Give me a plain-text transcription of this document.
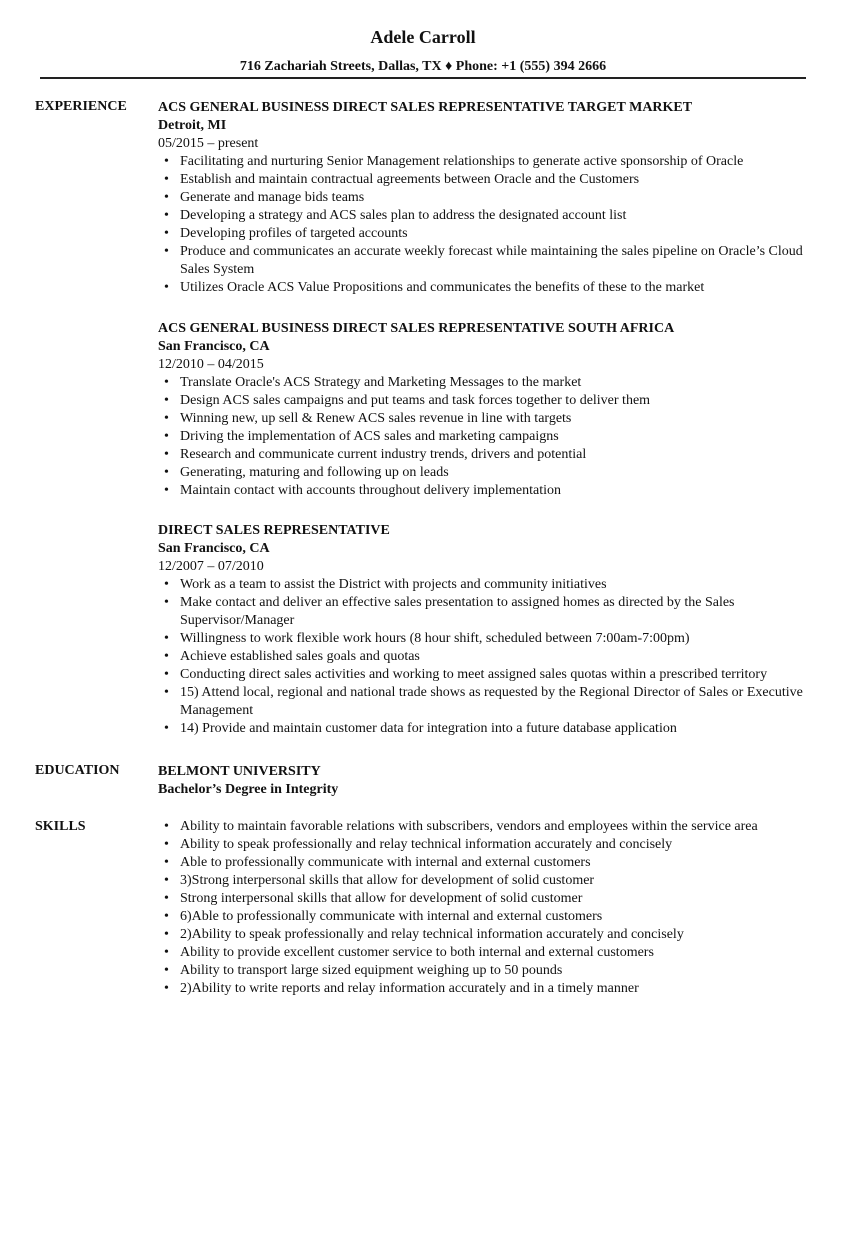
Adele Carroll
716 Zachariah Streets, Dallas, TX ♦ Phone: +1 (555) 394 2666
EXPERIENCE ACS GENERAL BUSINESS DIRECT SALES REPRESENTATIVE TARGET MARKET
Detroit, MI
05/2015 – present
• Facilitating and nurturing Senior Management relationships to generate active sponsorship of Oracle
• Establish and maintain contractual agreements between Oracle and the Customers
• Generate and manage bids teams
• Developing a strategy and ACS sales plan to address the designated account list
• Developing profiles of targeted accounts
• Produce and communicates an accurate weekly forecast while maintaining the sales pipeline on Oracle’s Cloud Sales System
• Utilizes Oracle ACS Value Propositions and communicates the benefits of these to the market
ACS GENERAL BUSINESS DIRECT SALES REPRESENTATIVE SOUTH AFRICA
San Francisco, CA
12/2010 – 04/2015
• Translate Oracle's ACS Strategy and Marketing Messages to the market
• Design ACS sales campaigns and put teams and task forces together to deliver them
• Winning new, up sell & Renew ACS sales revenue in line with targets
• Driving the implementation of ACS sales and marketing campaigns
• Research and communicate current industry trends, drivers and potential
• Generating, maturing and following up on leads
• Maintain contact with accounts throughout delivery implementation
DIRECT SALES REPRESENTATIVE
San Francisco, CA
12/2007 – 07/2010
• Work as a team to assist the District with projects and community initiatives
• Make contact and deliver an effective sales presentation to assigned homes as directed by the Sales Supervisor/Manager
• Willingness to work flexible work hours (8 hour shift, scheduled between 7:00am-7:00pm)
• Achieve established sales goals and quotas
• Conducting direct sales activities and working to meet assigned sales quotas within a prescribed territory
• 15) Attend local, regional and national trade shows as requested by the Regional Director of Sales or Executive Management
• 14) Provide and maintain customer data for integration into a future database application
EDUCATION	BELMONT UNIVERSITY
Bachelor’s Degree in Integrity
SKILLS
•	Ability to maintain favorable relations with subscribers, vendors and employees within the service area
• Ability to speak professionally and relay technical information accurately and concisely
• Able to professionally communicate with internal and external customers
• 3)Strong interpersonal skills that allow for development of solid customer
• Strong interpersonal skills that allow for development of solid customer
• 6)Able to professionally communicate with internal and external customers
• 2)Ability to speak professionally and relay technical information accurately and concisely
• Ability to provide excellent customer service to both internal and external customers
• Ability to transport large sized equipment weighing up to 50 pounds
• 2)Ability to write reports and relay information accurately and in a timely manner
